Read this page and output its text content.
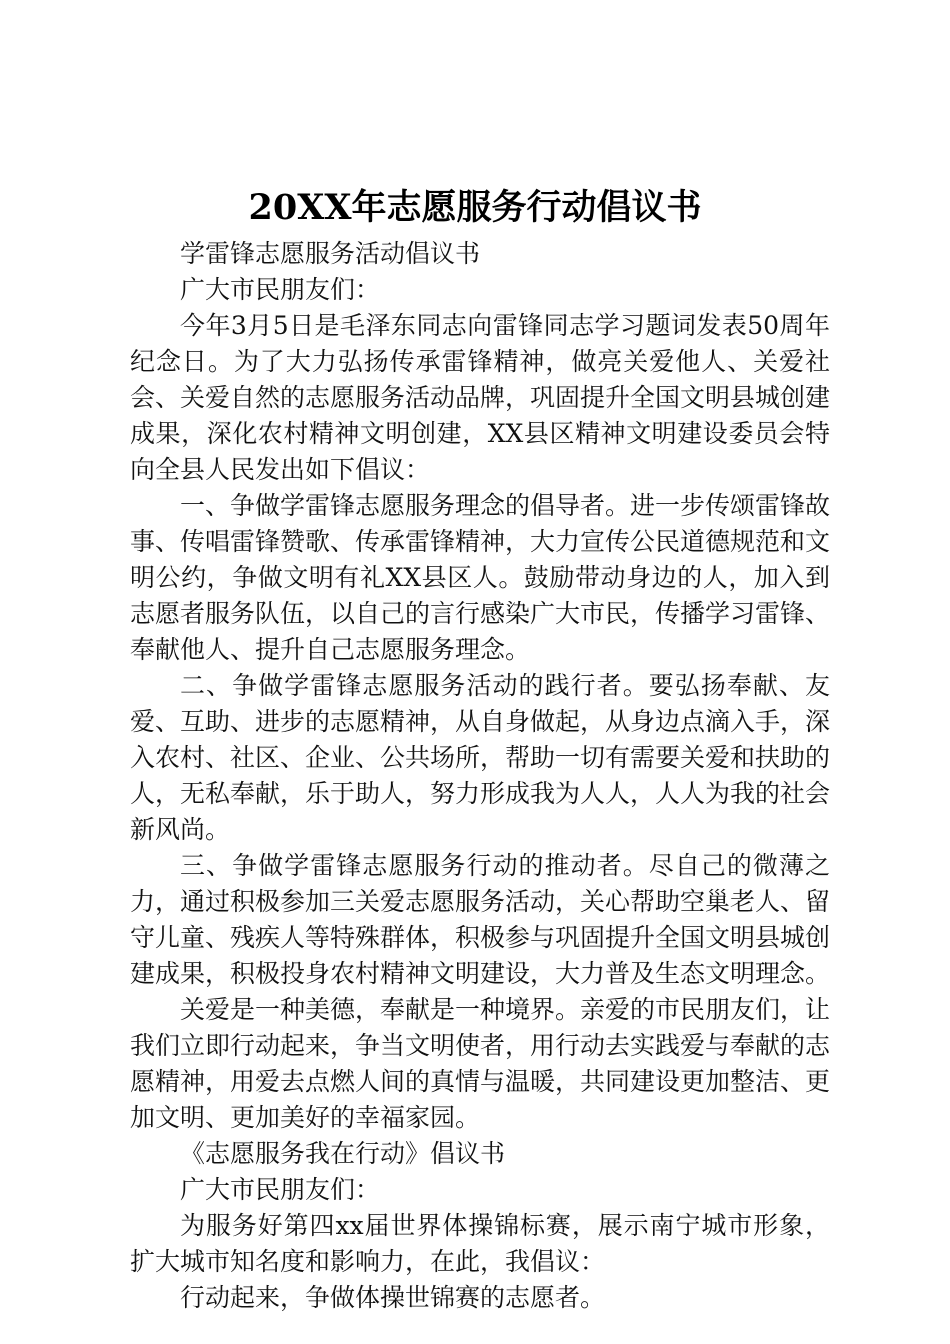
20XX年志愿服务行动倡议书

学雷锋志愿服务活动倡议书

广大市民朋友们：

今年3月5日是毛泽东同志向雷锋同志学习题词发表50周年纪念日。为了大力弘扬传承雷锋精神，做亮关爱他人、关爱社会、关爱自然的志愿服务活动品牌，巩固提升全国文明县城创建成果，深化农村精神文明创建，XX县区精神文明建设委员会特向全县人民发出如下倡议：

一、争做学雷锋志愿服务理念的倡导者。进一步传颂雷锋故事、传唱雷锋赞歌、传承雷锋精神，大力宣传公民道德规范和文明公约，争做文明有礼XX县区人。鼓励带动身边的人，加入到志愿者服务队伍，以自己的言行感染广大市民，传播学习雷锋、奉献他人、提升自己志愿服务理念。

二、争做学雷锋志愿服务活动的践行者。要弘扬奉献、友爱、互助、进步的志愿精神，从自身做起，从身边点滴入手，深入农村、社区、企业、公共场所，帮助一切有需要关爱和扶助的人，无私奉献，乐于助人，努力形成我为人人，人人为我的社会新风尚。

三、争做学雷锋志愿服务行动的推动者。尽自己的微薄之力，通过积极参加三关爱志愿服务活动，关心帮助空巢老人、留守儿童、残疾人等特殊群体，积极参与巩固提升全国文明县城创建成果，积极投身农村精神文明建设，大力普及生态文明理念。

关爱是一种美德，奉献是一种境界。亲爱的市民朋友们，让我们立即行动起来，争当文明使者，用行动去实践爱与奉献的志愿精神，用爱去点燃人间的真情与温暖，共同建设更加整洁、更加文明、更加美好的幸福家园。

《志愿服务我在行动》倡议书

广大市民朋友们：

为服务好第四xx届世界体操锦标赛，展示南宁城市形象，扩大城市知名度和影响力，在此，我倡议：

行动起来，争做体操世锦赛的志愿者。
